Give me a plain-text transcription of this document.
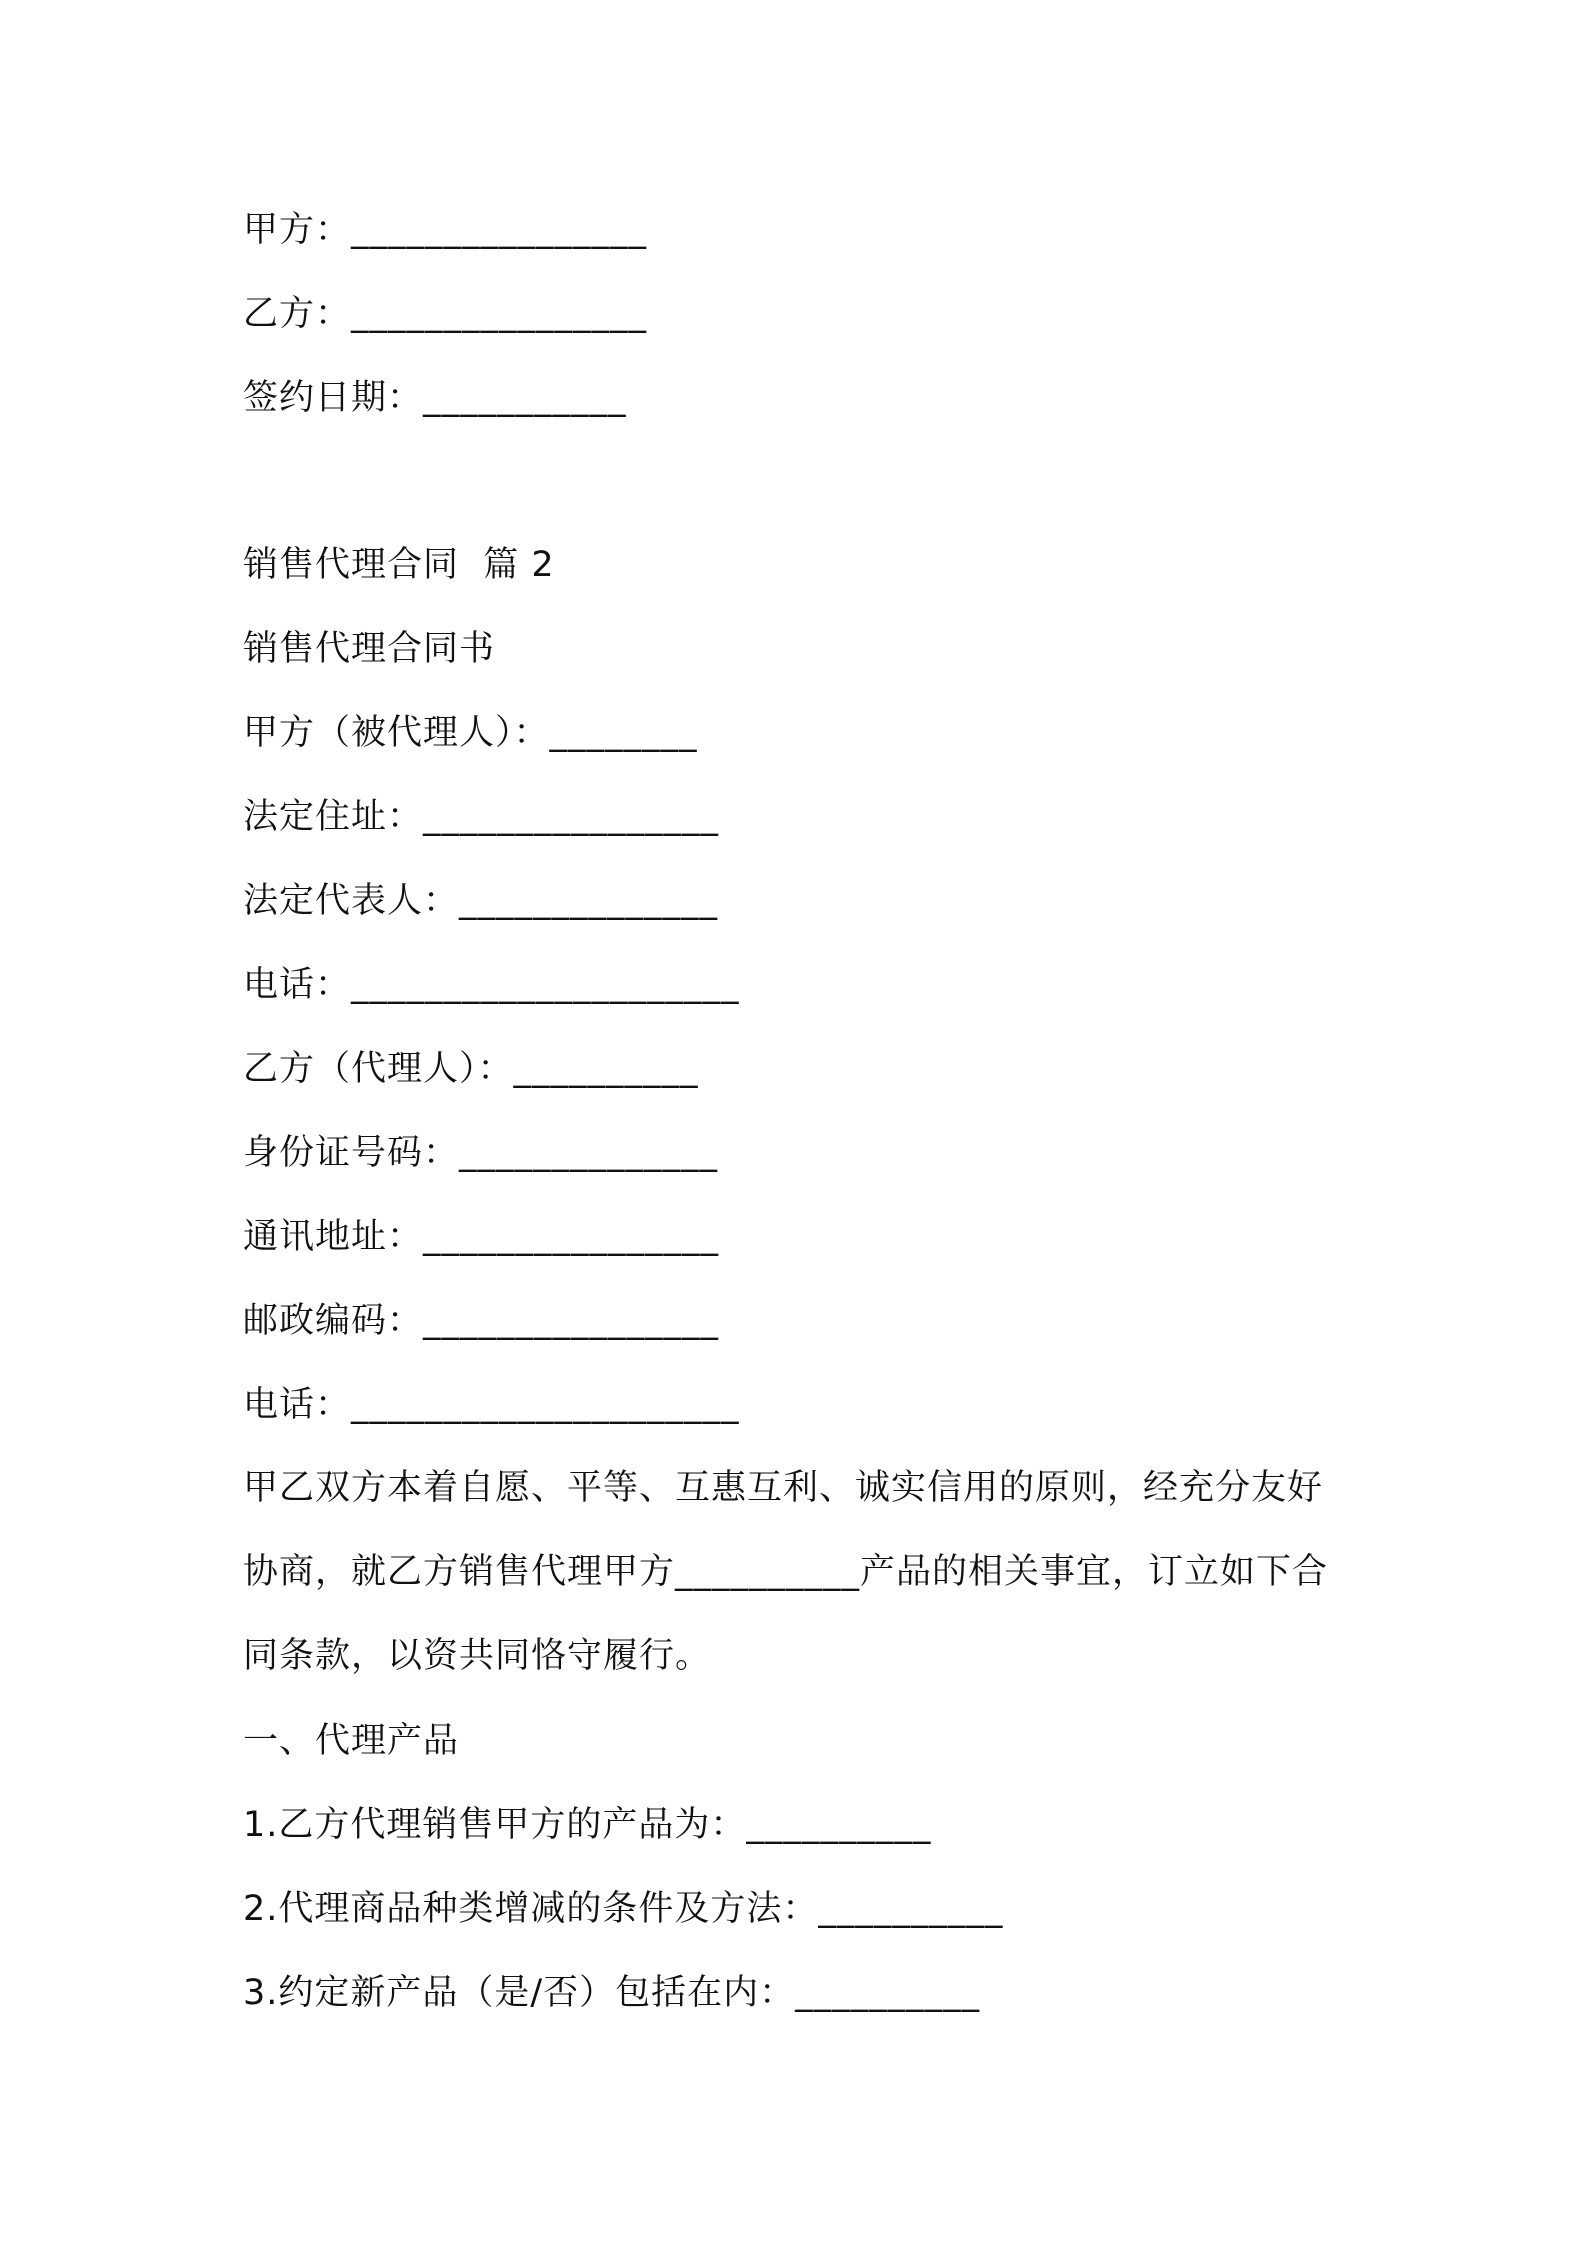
甲方：________________
乙方：________________
签约日期：___________
销售代理合同  篇 2
销售代理合同书
甲方（被代理人）：________
法定住址：________________
法定代表人：______________
电话：_____________________
乙方（代理人）：__________
身份证号码：______________
通讯地址：________________
邮政编码：________________
电话：_____________________
甲乙双方本着自愿、平等、互惠互利、诚实信用的原则，经充分友好协商，就乙方销售代理甲方__________产品的相关事宜，订立如下合同条款，以资共同恪守履行。
一、代理产品
1.乙方代理销售甲方的产品为：__________
2.代理商品种类增减的条件及方法：__________
3.约定新产品（是/否）包括在内：__________
